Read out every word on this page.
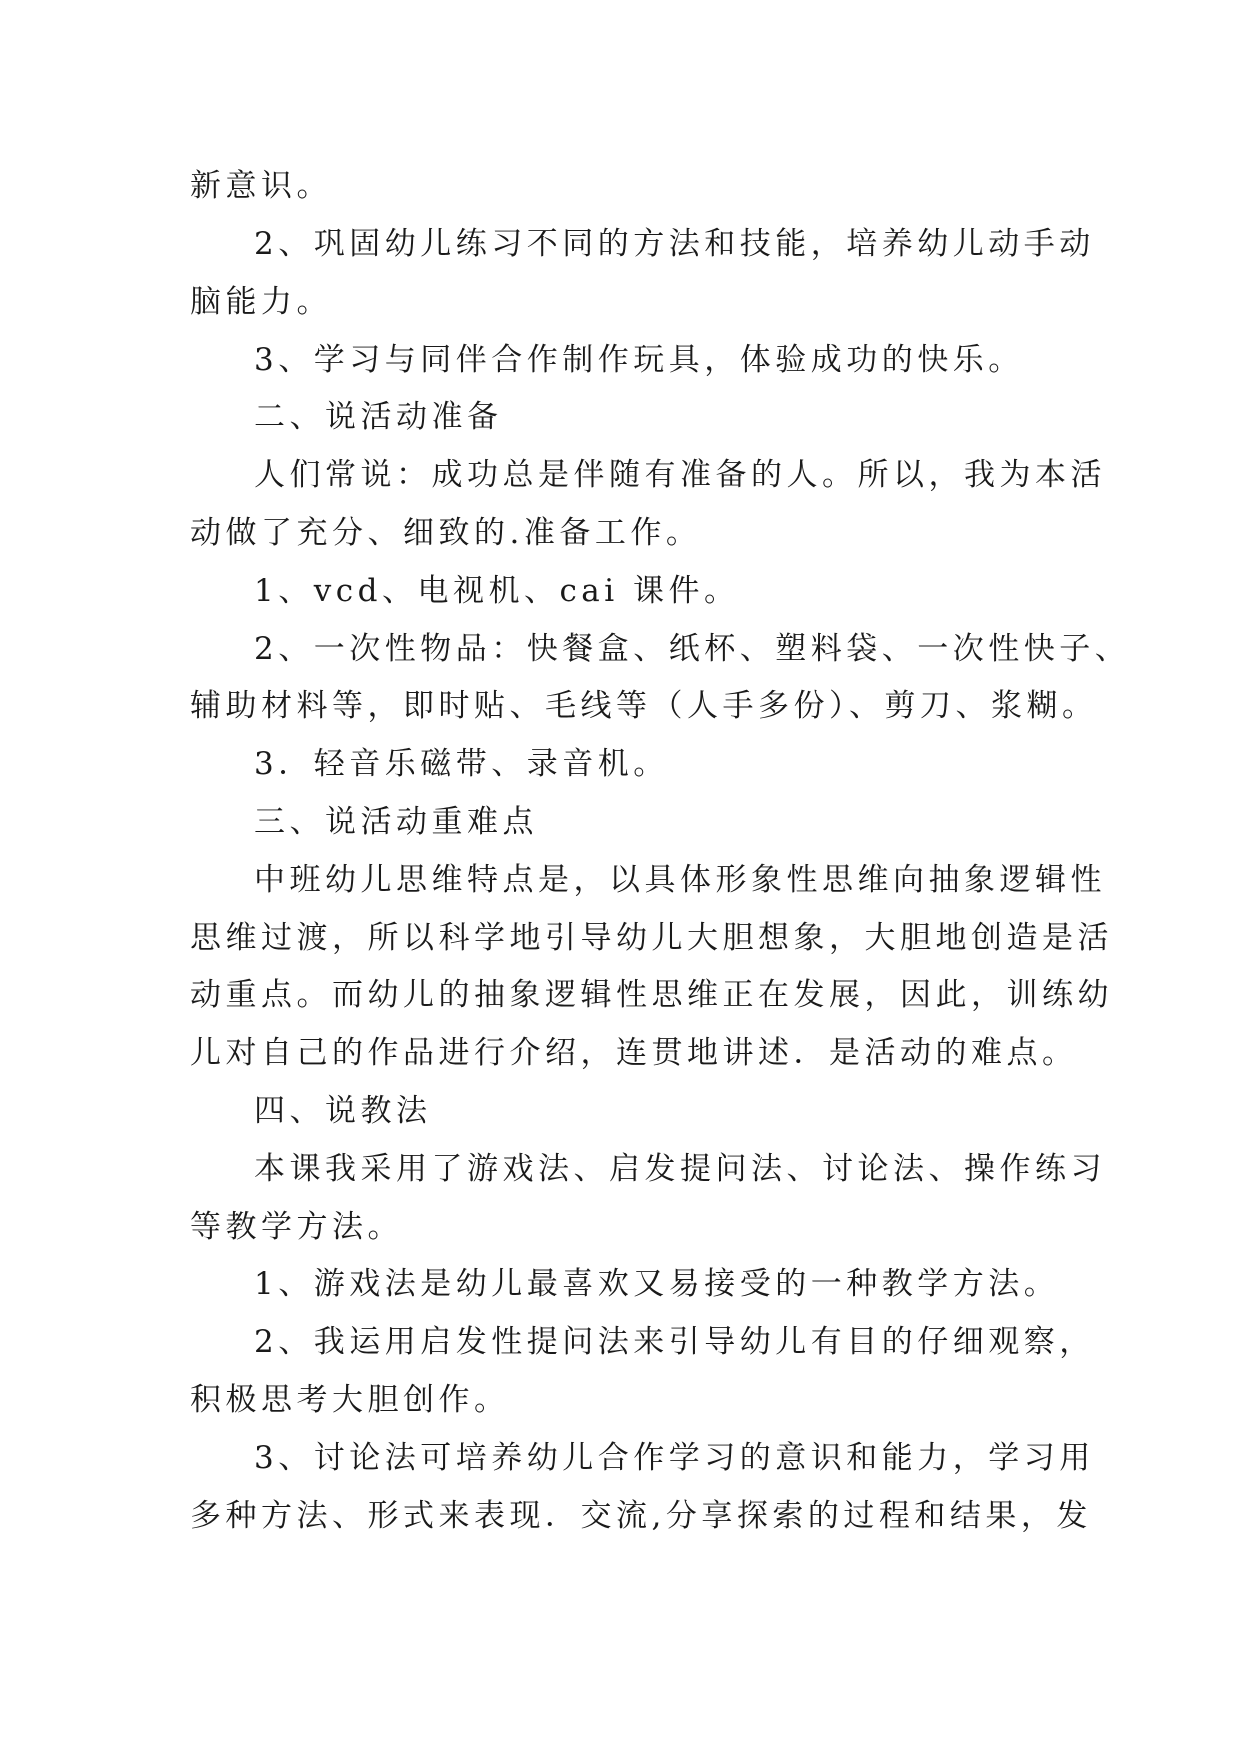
新意识。
2、巩固幼儿练习不同的方法和技能，培养幼儿动手动
脑能力。
3、学习与同伴合作制作玩具，体验成功的快乐。
二、说活动准备
人们常说：成功总是伴随有准备的人。所以，我为本活
动做了充分、细致的.准备工作。
1、vcd、电视机、cai 课件。
2、一次性物品：快餐盒、纸杯、塑料袋、一次性快子、
辅助材料等，即时贴、毛线等（人手多份）、剪刀、浆糊。
3．轻音乐磁带、录音机。
三、说活动重难点
中班幼儿思维特点是，以具体形象性思维向抽象逻辑性
思维过渡，所以科学地引导幼儿大胆想象，大胆地创造是活
动重点。而幼儿的抽象逻辑性思维正在发展，因此，训练幼
儿对自己的作品进行介绍，连贯地讲述．是活动的难点。
四、说教法
本课我采用了游戏法、启发提问法、讨论法、操作练习
等教学方法。
1、游戏法是幼儿最喜欢又易接受的一种教学方法。
2、我运用启发性提问法来引导幼儿有目的仔细观察，
积极思考大胆创作。
3、讨论法可培养幼儿合作学习的意识和能力，学习用
多种方法、形式来表现．交流,分享探索的过程和结果，发
